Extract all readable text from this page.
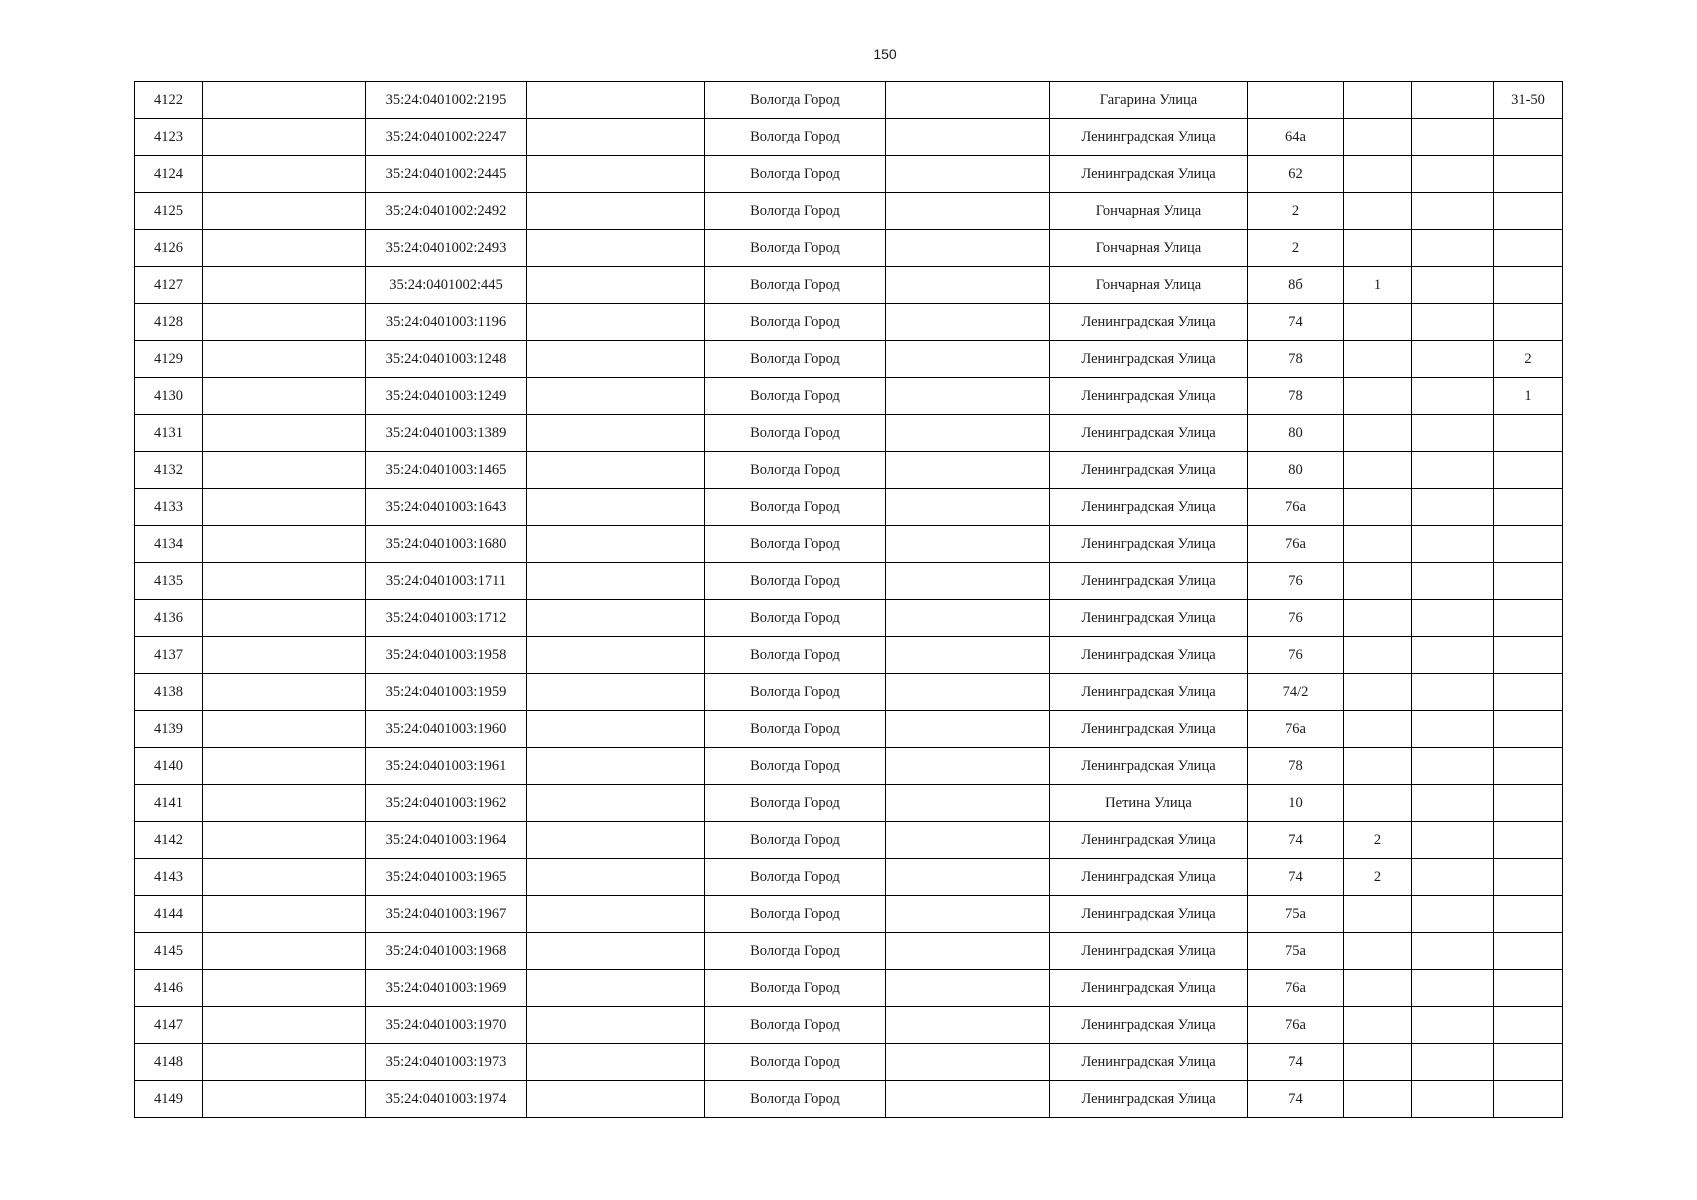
150
4122		35:24:0401002:2195		Вологда Город		Гагарина Улица				31-50
4123		35:24:0401002:2247		Вологда Город		Ленинградская Улица	64а			
4124		35:24:0401002:2445		Вологда Город		Ленинградская Улица	62			
4125		35:24:0401002:2492		Вологда Город		Гончарная Улица	2			
4126		35:24:0401002:2493		Вологда Город		Гончарная Улица	2			
4127		35:24:0401002:445		Вологда Город		Гончарная Улица	8б	1		
4128		35:24:0401003:1196		Вологда Город		Ленинградская Улица	74			
4129		35:24:0401003:1248		Вологда Город		Ленинградская Улица	78			2
4130		35:24:0401003:1249		Вологда Город		Ленинградская Улица	78			1
4131		35:24:0401003:1389		Вологда Город		Ленинградская Улица	80			
4132		35:24:0401003:1465		Вологда Город		Ленинградская Улица	80			
4133		35:24:0401003:1643		Вологда Город		Ленинградская Улица	76а			
4134		35:24:0401003:1680		Вологда Город		Ленинградская Улица	76а			
4135		35:24:0401003:1711		Вологда Город		Ленинградская Улица	76			
4136		35:24:0401003:1712		Вологда Город		Ленинградская Улица	76			
4137		35:24:0401003:1958		Вологда Город		Ленинградская Улица	76			
4138		35:24:0401003:1959		Вологда Город		Ленинградская Улица	74/2			
4139		35:24:0401003:1960		Вологда Город		Ленинградская Улица	76а			
4140		35:24:0401003:1961		Вологда Город		Ленинградская Улица	78			
4141		35:24:0401003:1962		Вологда Город		Петина Улица	10			
4142		35:24:0401003:1964		Вологда Город		Ленинградская Улица	74	2		
4143		35:24:0401003:1965		Вологда Город		Ленинградская Улица	74	2		
4144		35:24:0401003:1967		Вологда Город		Ленинградская Улица	75а			
4145		35:24:0401003:1968		Вологда Город		Ленинградская Улица	75а			
4146		35:24:0401003:1969		Вологда Город		Ленинградская Улица	76а			
4147		35:24:0401003:1970		Вологда Город		Ленинградская Улица	76а			
4148		35:24:0401003:1973		Вологда Город		Ленинградская Улица	74			
4149		35:24:0401003:1974		Вологда Город		Ленинградская Улица	74			
